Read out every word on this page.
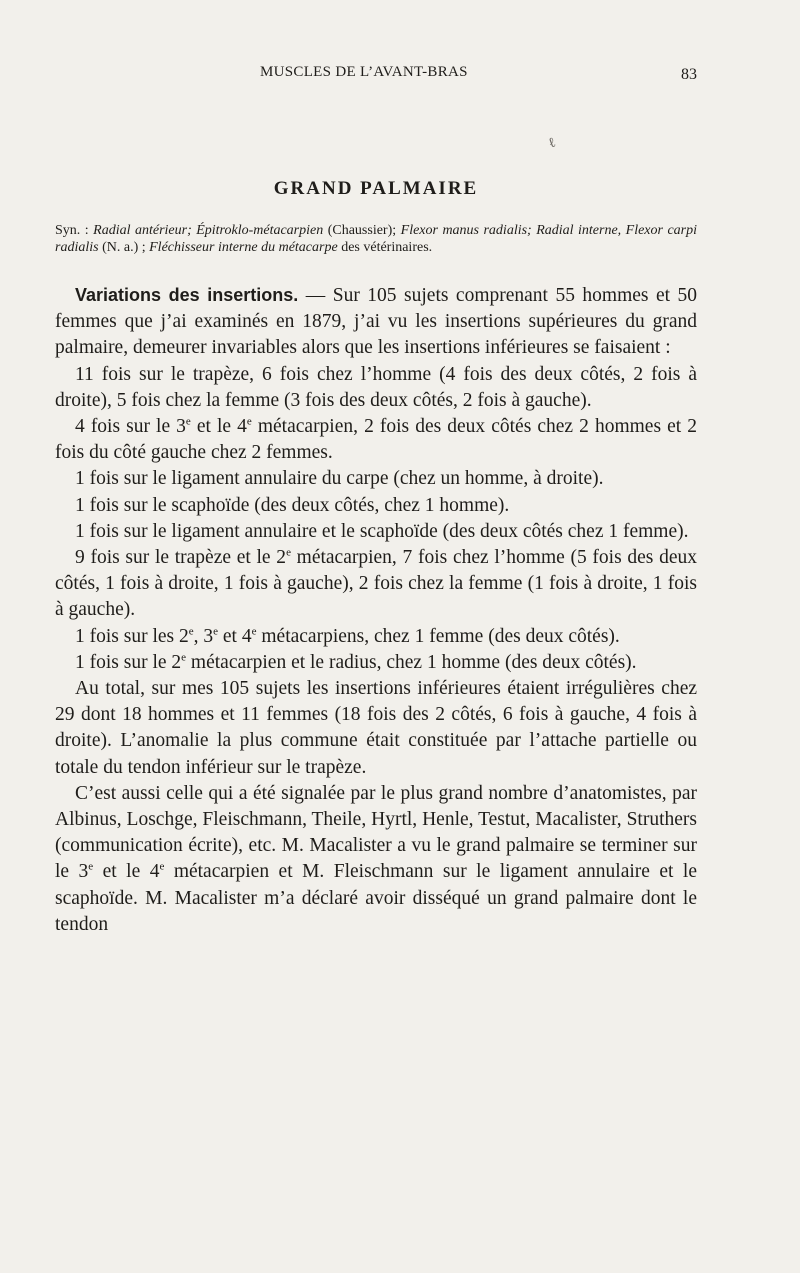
MUSCLES DE L’AVANT-BRAS	83
ℓ
GRAND PALMAIRE

Syn. : Radial antérieur; Épitroklo-métacarpien (Chaussier); Flexor manus radialis; Radial interne, Flexor carpi radialis (N. a.) ; Fléchisseur interne du métacarpe des vétérinaires.

Variations des insertions. — Sur 105 sujets comprenant 55 hommes et 50 femmes que j’ai examinés en 1879, j’ai vu les insertions supérieures du grand palmaire, demeurer invariables alors que les insertions inférieures se faisaient :

11 fois sur le trapèze, 6 fois chez l’homme (4 fois des deux côtés, 2 fois à droite), 5 fois chez la femme (3 fois des deux côtés, 2 fois à gauche).

4 fois sur le 3e et le 4e métacarpien, 2 fois des deux côtés chez 2 hommes et 2 fois du côté gauche chez 2 femmes.

1 fois sur le ligament annulaire du carpe (chez un homme, à droite).

1 fois sur le scaphoïde (des deux côtés, chez 1 homme).

1 fois sur le ligament annulaire et le scaphoïde (des deux côtés chez 1 femme).

9 fois sur le trapèze et le 2e métacarpien, 7 fois chez l’homme (5 fois des deux côtés, 1 fois à droite, 1 fois à gauche), 2 fois chez la femme (1 fois à droite, 1 fois à gauche).

1 fois sur les 2e, 3e et 4e métacarpiens, chez 1 femme (des deux côtés).

1 fois sur le 2e métacarpien et le radius, chez 1 homme (des deux côtés).

Au total, sur mes 105 sujets les insertions inférieures étaient irrégulières chez 29 dont 18 hommes et 11 femmes (18 fois des 2 côtés, 6 fois à gauche, 4 fois à droite). L’anomalie la plus commune était constituée par l’attache partielle ou totale du tendon inférieur sur le trapèze.

C’est aussi celle qui a été signalée par le plus grand nombre d’anatomistes, par Albinus, Loschge, Fleischmann, Theile, Hyrtl, Henle, Testut, Macalister, Struthers (communication écrite), etc. M. Macalister a vu le grand palmaire se terminer sur le 3e et le 4e métacarpien et M. Fleischmann sur le ligament annulaire et le scaphoïde. M. Macalister m’a déclaré avoir disséqué un grand palmaire dont le tendon
